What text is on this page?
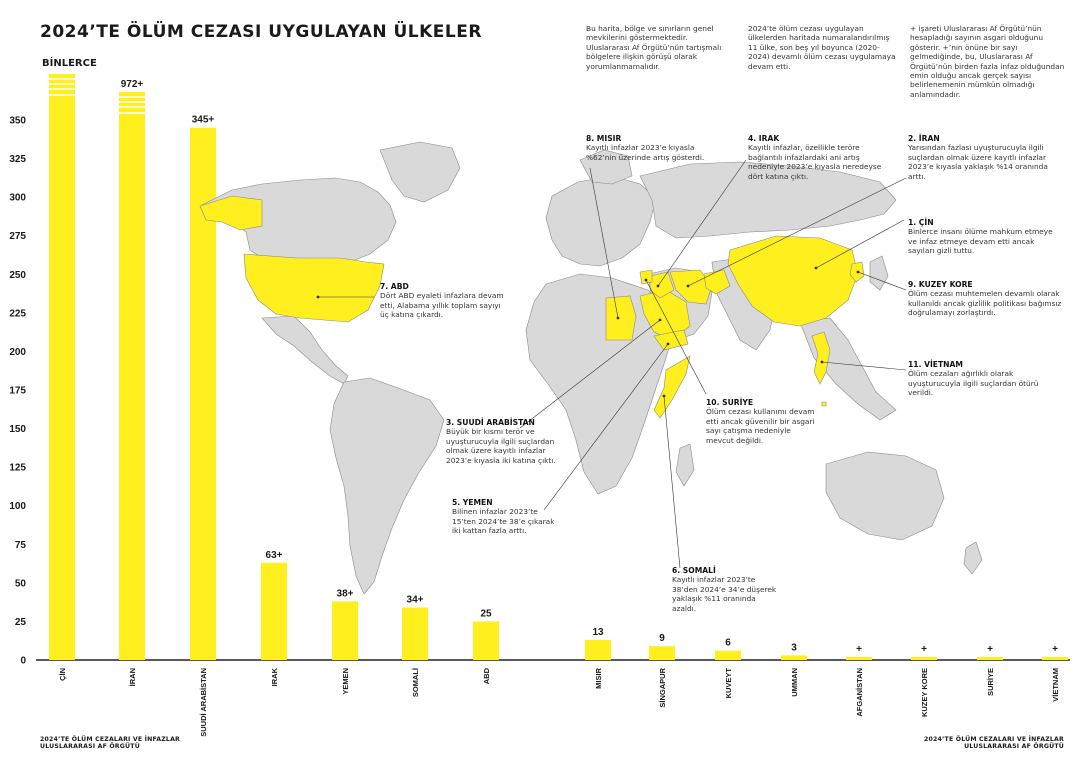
0
25
50
75
100
125
150
175
200
225
250
275
300
325
350
ÇİN
972+
İRAN
345+
SUUDİ ARABİSTAN
63+
IRAK
38+
YEMEN
34+
SOMALİ
25
ABD
13
MISIR
9
SİNGAPUR
6
KUVEYT
3
UMMAN
+
AFGANİSTAN
+
KUZEY KORE
+
SURİYE
+
VİETNAM
2024’TE ÖLÜM CEZASI UYGULAYAN ÜLKELER
BİNLERCE
Bu harita, bölge ve sınırların genel mevkilerini göstermektedir. Uluslararası Af Örgütü’nün tartışmalı bölgelere ilişkin görüşü olarak yorumlanmamalıdır.
2024’te ölüm cezası uygulayan ülkelerden haritada numaralandırılmış 11 ülke, son beş yıl boyunca (2020-2024) devamlı ölüm cezası uygulamaya devam etti.
+ işareti Uluslararası Af Örgütü’nün hesapladığı sayının asgari olduğunu gösterir. +’nın önüne bir sayı gelmediğinde, bu, Uluslararası Af Örgütü’nün birden fazla infaz olduğundan emin olduğu ancak gerçek sayısı belirlenemenin mümkün olmadığı anlamındadır.
8. MISIR
Kayıtlı infazlar 2023’e kıyasla %62’nin üzerinde artış gösterdi.
4. IRAK
Kayıtlı infazlar, özellikle teröre bağlantılı infazlardaki ani artış nedeniyle 2023’e kıyasla neredeyse dört katına çıktı.
2. İRAN
Yarısından fazlası uyuşturucuyla ilgili suçlardan olmak üzere kayıtlı infazlar 2023’e kıyasla yaklaşık %14 oranında arttı.
1. ÇİN
Binlerce insanı ölüme mahkum etmeye ve infaz etmeye devam etti ancak sayıları gizli tuttu.
9. KUZEY KORE
Ölüm cezası muhtemelen devamlı olarak kullanıldı ancak gizlilik politikası bağımsız doğrulamayı zorlaştırdı.
11. VİETNAM
Ölüm cezaları ağırlıklı olarak uyuşturucuyla ilgili suçlardan ötürü verildi.
7. ABD
Dört ABD eyaleti infazlara devam etti, Alabama yıllık toplam sayıyı üç katına çıkardı.
3. SUUDİ ARABİSTAN
Büyük bir kısmı terör ve uyuşturucuyla ilgili suçlardan olmak üzere kayıtlı infazlar 2023’e kıyasla iki katına çıktı.
10. SURİYE
Ölüm cezası kullanımı devam etti ancak güvenilir bir asgari sayı çatışma nedeniyle mevcut değildi.
5. YEMEN
Bilinen infazlar 2023’te 15’ten 2024’te 38’e çıkarak iki kattan fazla arttı.
6. SOMALİ
Kayıtlı infazlar 2023’te 38’den 2024’e 34’e düşerek yaklaşık %11 oranında azaldı.
2024’TE ÖLÜM CEZALARI VE İNFAZLAR
ULUSLARARASI AF ÖRGÜTÜ
2024’TE ÖLÜM CEZALARI VE İNFAZLAR
ULUSLARARASI AF ÖRGÜTÜ
